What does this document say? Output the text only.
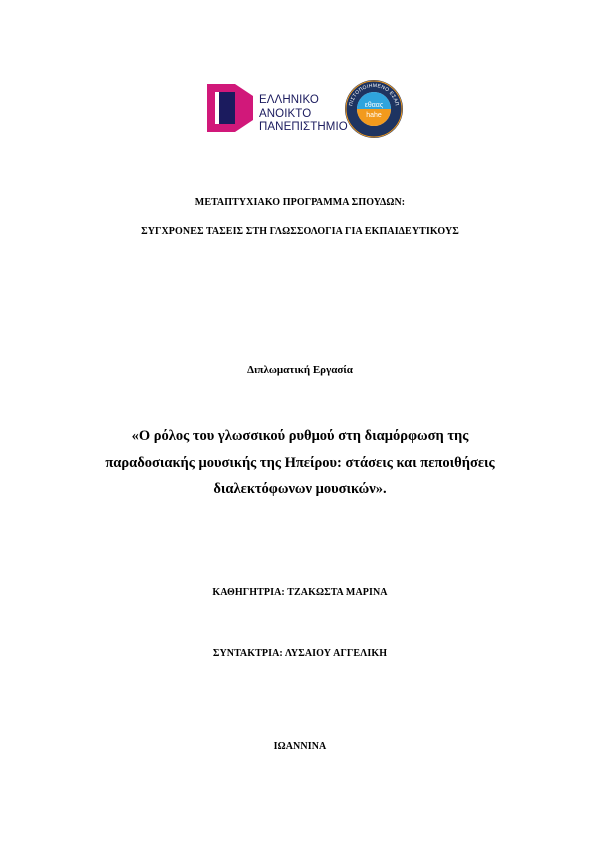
ΕΛΛΗΝΙΚΟ
ΑΝΟΙΚΤΟ
ΠΑΝΕΠΙΣΤΗΜΙΟ
εθαας
hahe
ΠΙΣΤΟΠΟΙΗΜΕΝΟ ΕΣΑΠ
ΜΕΤΑΠΤΥΧΙΑΚΟ ΠΡΟΓΡΑΜΜΑ ΣΠΟΥΔΩΝ:
ΣΥΓΧΡΟΝΕΣ ΤΑΣΕΙΣ ΣΤΗ ΓΛΩΣΣΟΛΟΓΙΑ ΓΙΑ ΕΚΠΑΙΔΕΥΤΙΚΟΥΣ
Διπλωματική Εργασία
«Ο ρόλος του γλωσσικού ρυθμού στη διαμόρφωση της παραδοσιακής μουσικής της Ηπείρου: στάσεις και πεποιθήσεις διαλεκτόφωνων μουσικών».
ΚΑΘΗΓΗΤΡΙΑ: ΤΖΑΚΩΣΤΑ ΜΑΡΙΝΑ
ΣΥΝΤΑΚΤΡΙΑ: ΛΥΣΑΙΟΥ ΑΓΓΕΛΙΚΗ
ΙΩΑΝΝΙΝΑ
